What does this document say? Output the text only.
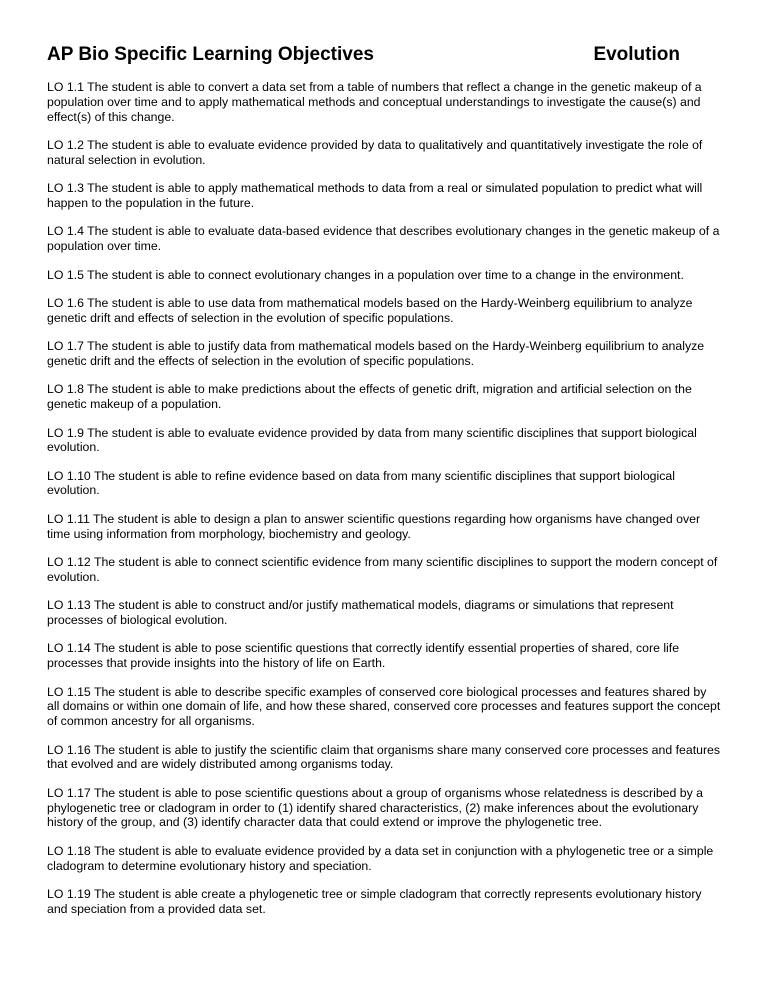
AP Bio Specific Learning Objectives	Evolution

LO 1.1 The student is able to convert a data set from a table of numbers that reflect a change in the genetic makeup of a population over time and to apply mathematical methods and conceptual understandings to investigate the cause(s) and effect(s) of this change.

LO 1.2 The student is able to evaluate evidence provided by data to qualitatively and quantitatively investigate the role of natural selection in evolution.

LO 1.3 The student is able to apply mathematical methods to data from a real or simulated population to predict what will happen to the population in the future.

LO 1.4 The student is able to evaluate data-based evidence that describes evolutionary changes in the genetic makeup of a population over time.

LO 1.5 The student is able to connect evolutionary changes in a population over time to a change in the environment.

LO 1.6 The student is able to use data from mathematical models based on the Hardy-Weinberg equilibrium to analyze genetic drift and effects of selection in the evolution of specific populations.

LO 1.7 The student is able to justify data from mathematical models based on the Hardy-Weinberg equilibrium to analyze genetic drift and the effects of selection in the evolution of specific populations.

LO 1.8 The student is able to make predictions about the effects of genetic drift, migration and artificial selection on the genetic makeup of a population.

LO 1.9 The student is able to evaluate evidence provided by data from many scientific disciplines that support biological evolution.

LO 1.10 The student is able to refine evidence based on data from many scientific disciplines that support biological evolution.

LO 1.11 The student is able to design a plan to answer scientific questions regarding how organisms have changed over time using information from morphology, biochemistry and geology.

LO 1.12 The student is able to connect scientific evidence from many scientific disciplines to support the modern concept of evolution.

LO 1.13 The student is able to construct and/or justify mathematical models, diagrams or simulations that represent processes of biological evolution.

LO 1.14 The student is able to pose scientific questions that correctly identify essential properties of shared, core life processes that provide insights into the history of life on Earth.

LO 1.15 The student is able to describe specific examples of conserved core biological processes and features shared by all domains or within one domain of life, and how these shared, conserved core processes and features support the concept of common ancestry for all organisms.

LO 1.16 The student is able to justify the scientific claim that organisms share many conserved core processes and features that evolved and are widely distributed among organisms today.

LO 1.17 The student is able to pose scientific questions about a group of organisms whose relatedness is described by a phylogenetic tree or cladogram in order to (1) identify shared characteristics, (2) make inferences about the evolutionary history of the group, and (3) identify character data that could extend or improve the phylogenetic tree.

LO 1.18 The student is able to evaluate evidence provided by a data set in conjunction with a phylogenetic tree or a simple cladogram to determine evolutionary history and speciation.

LO 1.19 The student is able create a phylogenetic tree or simple cladogram that correctly represents evolutionary history and speciation from a provided data set.
